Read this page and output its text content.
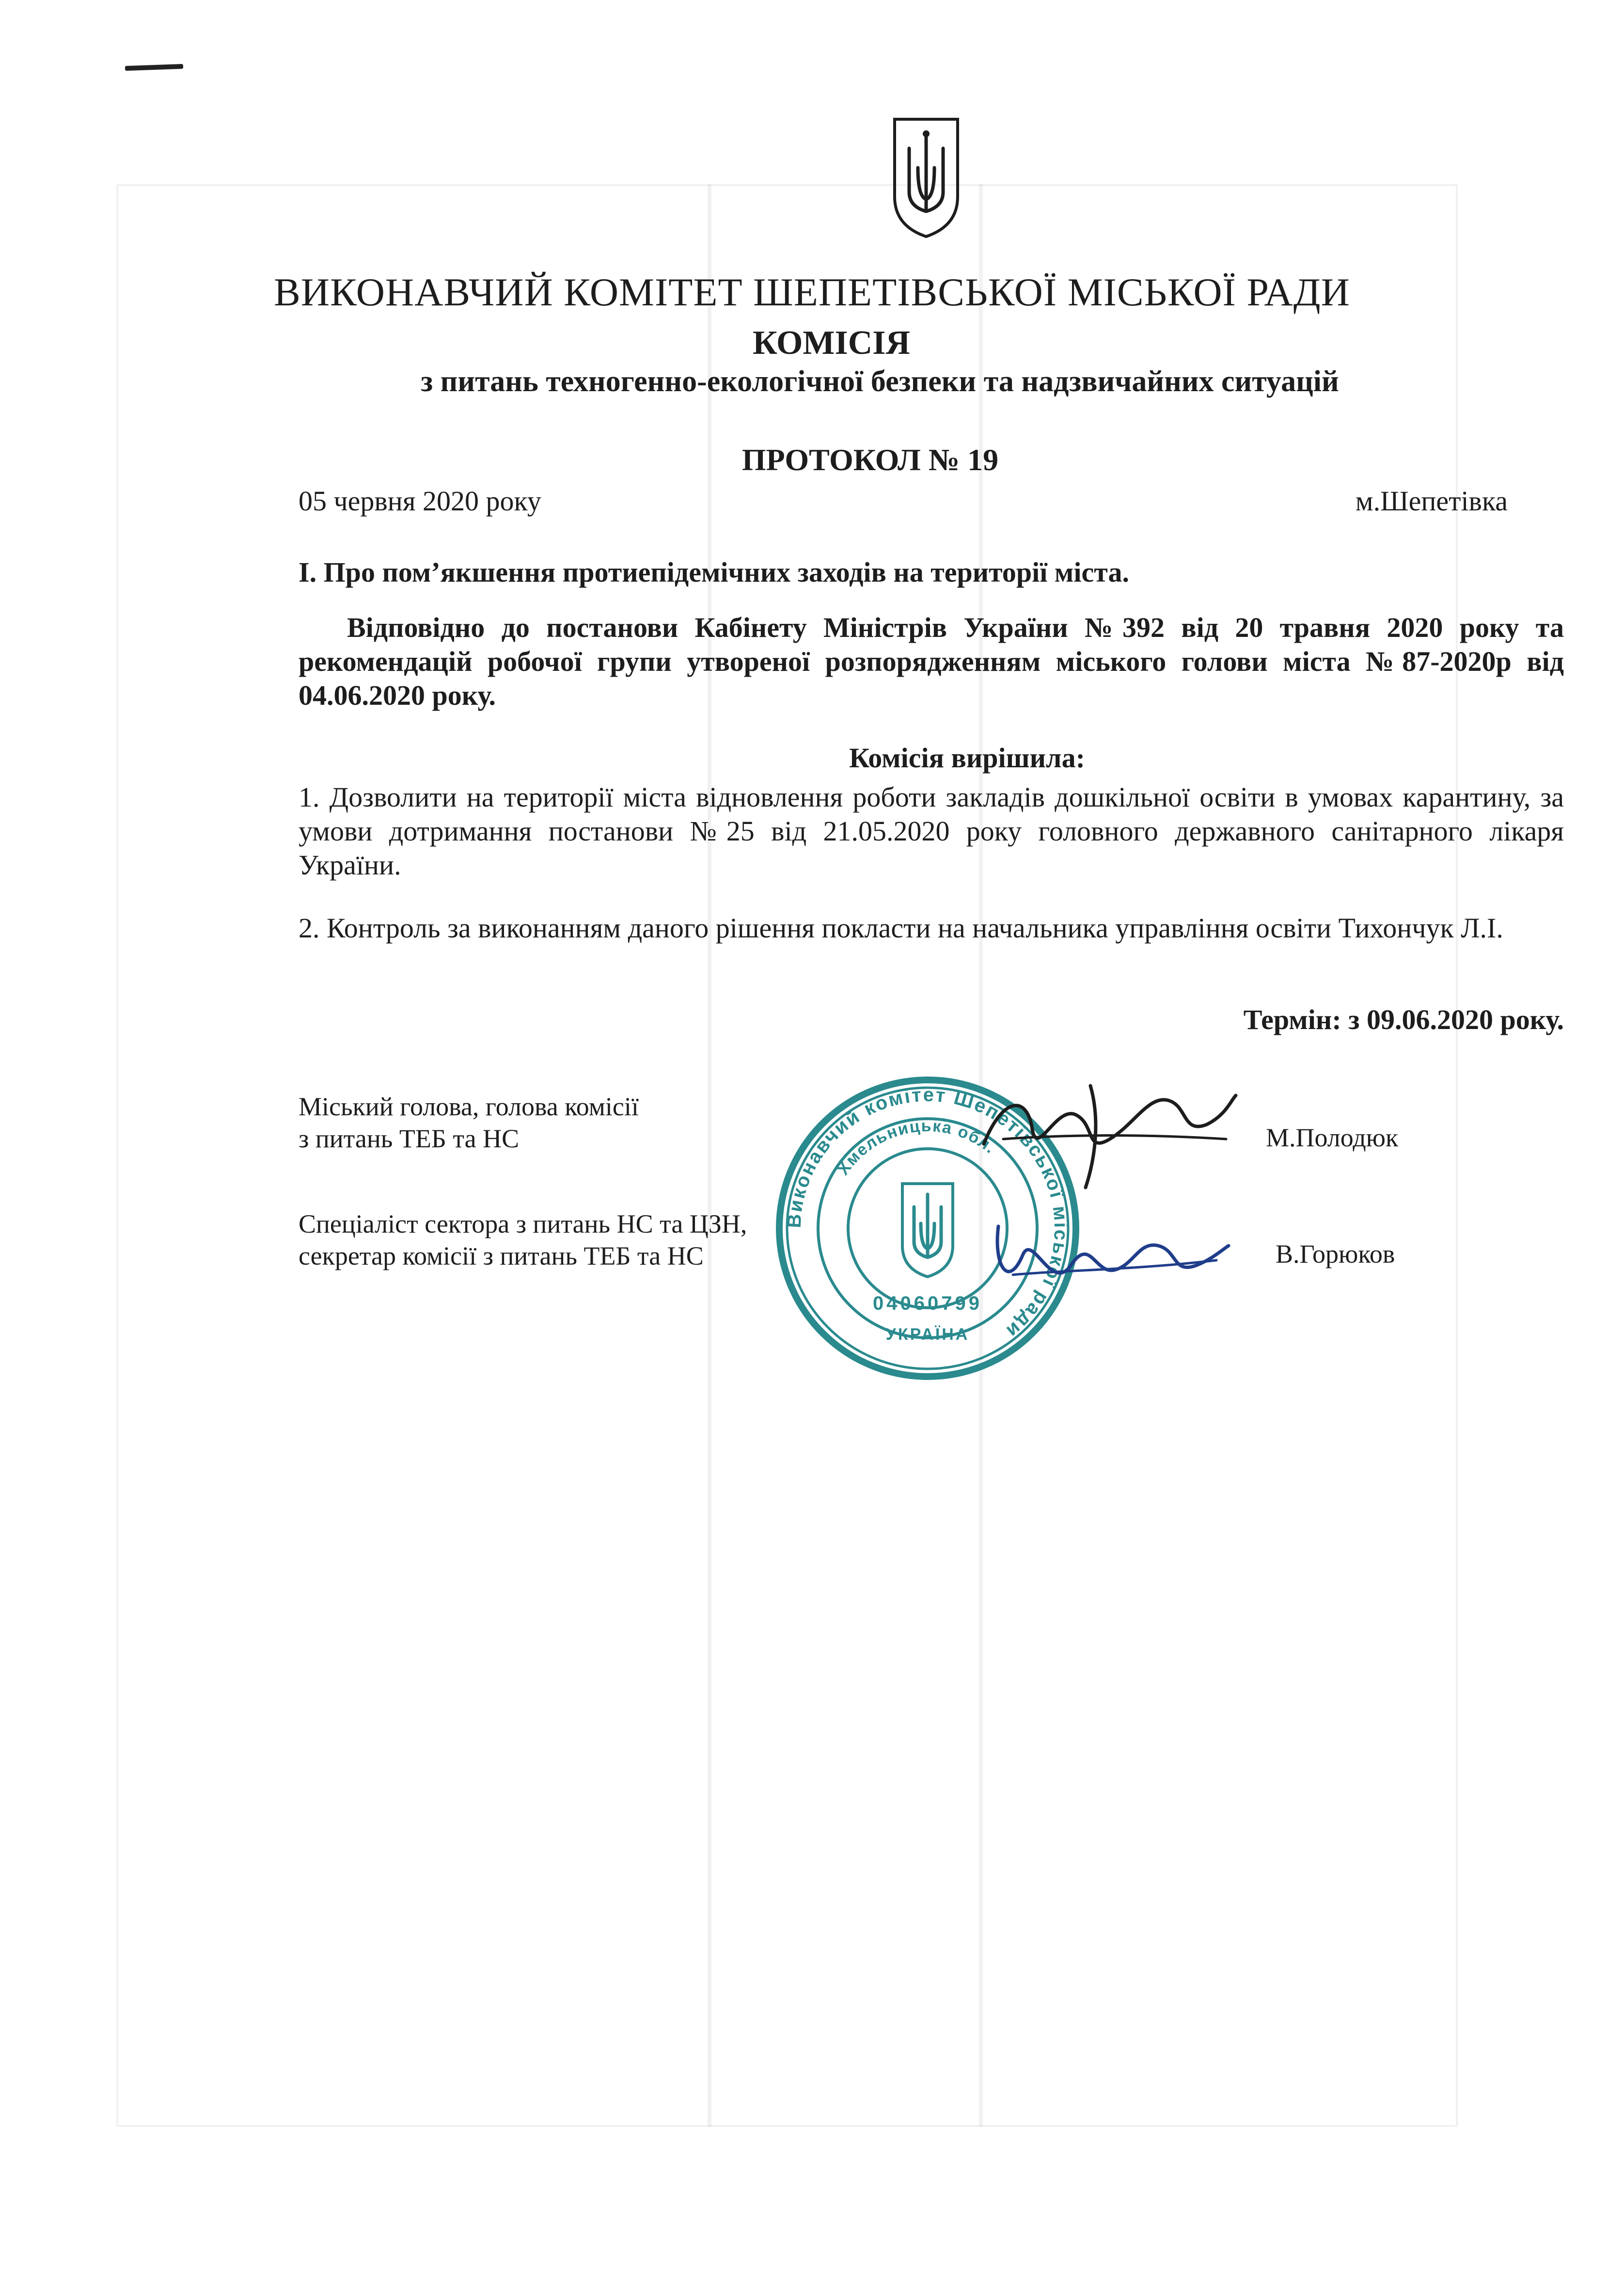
ВИКОНАВЧИЙ КОМІТЕТ ШЕПЕТІВСЬКОЇ МІСЬКОЇ РАДИ
КОМІСІЯ
з питань техногенно-екологічної безпеки та надзвичайних ситуацій
ПРОТОКОЛ № 19
05 червня 2020 року	м.Шепетівка
І. Про пом’якшення протиепідемічних заходів на території міста.
Відповідно до постанови Кабінету Міністрів України №392 від 20 травня 2020 року та рекомендацій робочої групи утвореної розпорядженням міського голови міста №87-2020р від 04.06.2020 року.
Комісія вирішила:
1. Дозволити на території міста відновлення роботи закладів дошкільної освіти в умовах карантину, за умови дотримання постанови №25 від 21.05.2020 року головного державного санітарного лікаря України.
2. Контроль за виконанням даного рішення покласти на начальника управління освіти Тихончук Л.І.
Термін: з 09.06.2020 року.
Міський голова, голова комісії
з питань ТЕБ та НС	М.Полодюк
Спеціаліст сектора з питань НС та ЦЗН,
секретар комісії з питань ТЕБ та НС	В.Горюков
Виконавчий комітет Шепетівської міської ради
Хмельницька обл.
04060799
УКРАЇНА
